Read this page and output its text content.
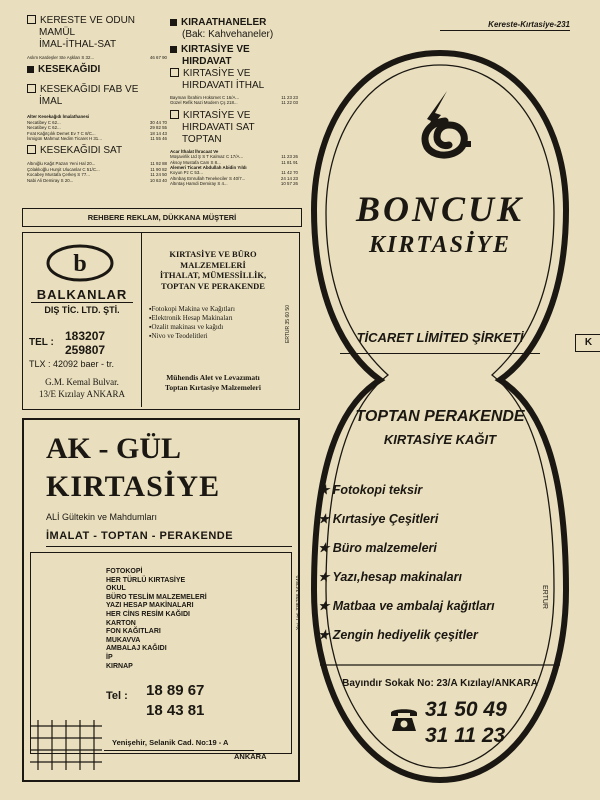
Kereste-Kırtasiye-231
KERESTE VE ODUN
MAMÜL
İMAL-İTHAL-SAT
Aslım Kardeşler Ste Aşkları S 32...	46 67 90
KESEKAĞIDI
KESEKAĞIDI FAB VE
İMAL
Alter Kesekağıdı İmalathanesi
Necatibey C 62...	30 44 70
Necatibey C 62...	29 82 55
Fırat Kağıtçılık Demet Ev 7 C 8/C...	18 14 43
İsmigün Mahmut Nedim Ticaret H 31...	11 55 46
KESEKAĞIDI SAT
Altınığlu Kağıt Pazarı Yeni Hal 20...	11 92 88
Çölaklıoğlu Hurşit Ulucanlar C 51/C...	11 90 82
Kocabey Mustafa Çerkeş S 77...	11 24 50
Nabi Ali Demiray S 20...	10 63 40
KIRAATHANELER
(Bak: Kahvehaneler)
KIRTASİYE VE
HIRDAVAT
KIRTASİYE VE
HIRDAVATI İTHAL
Bayman İbrahim Hükümet C 16/A...	11 23 23
Güzel Refik Nazi Modern Çş 218...	11 22 03
KIRTASİYE VE
HIRDAVATI SAT
TOPTAN
Acar İthalat İhracaat Ve
Müşavirlik Ltd Ş S T Kalmaz C 17/A...	11 23 26
Aksoy Mustafa Cam S 8...	11 81 91
Alemeri Ticaret Abdullah Abidin Yıldı
Koyun Pz C 53...	11 42 70
Altınbaş Emrullah Tenekeciler S 40/7...	24 14 23
Altıntaş Hamdi Demiray S 4...	10 57 26
REHBERE REKLAM, DÜKKANA MÜŞTERİ
b
BALKANLAR
DIŞ TİC. LTD. ŞTİ.
TEL : 183207
259807
TLX : 42092 baer - tr.
G.M. Kemal Bulvar.
13/E Kızılay ANKARA
KIRTASİYE VE BÜRO
MALZEMELERİ
İTHALAT, MÜMESSİLLİK,
TOPTAN VE PERAKENDE
▪Fotokopi Makina ve Kağıtları
▪Elektronik Hesap Makinaları
▪Ozalit makinası ve kağıdı
▪Nivo ve Teodelitleri
Mühendis Alet ve Levazımatı
Toptan Kırtasiye Malzemeleri
ERTUR 35 60 50
AK - GÜL
KIRTASİYE
ALİ Gültekin ve Mahdumları
İMALAT - TOPTAN - PERAKENDE
FOTOKOPİ
HER TÜRLÜ KIRTASİYE
OKUL
BÜRO TESLİM MALZEMELERİ
YAZI HESAP MAKİNALARI
HER CİNS RESİM KAĞIDI
KARTON
FON KAĞITLARI
MUKAVVA
AMBALAJ KAĞIDI
İP
KIRNAP
Tel : 18 89 67
18 43 81
Yai. Ltd. 335798-342840
Yenişehir, Selanik Cad. No:19 - A
ANKARA
BONCUK
KIRTASİYE
TİCARET LİMİTED ŞİRKETİ
TOPTAN PERAKENDE
KIRTASİYE KAĞIT
★ Fotokopi teksir
★ Kırtasiye Çeşitleri
★ Büro malzemeleri
★ Yazı,hesap makinaları
★ Matbaa ve ambalaj kağıtları
★ Zengin hediyelik çeşitler
ERTUR
Bayındır Sokak No: 23/A Kızılay/ANKARA
31 50 49
31 11 23
K
